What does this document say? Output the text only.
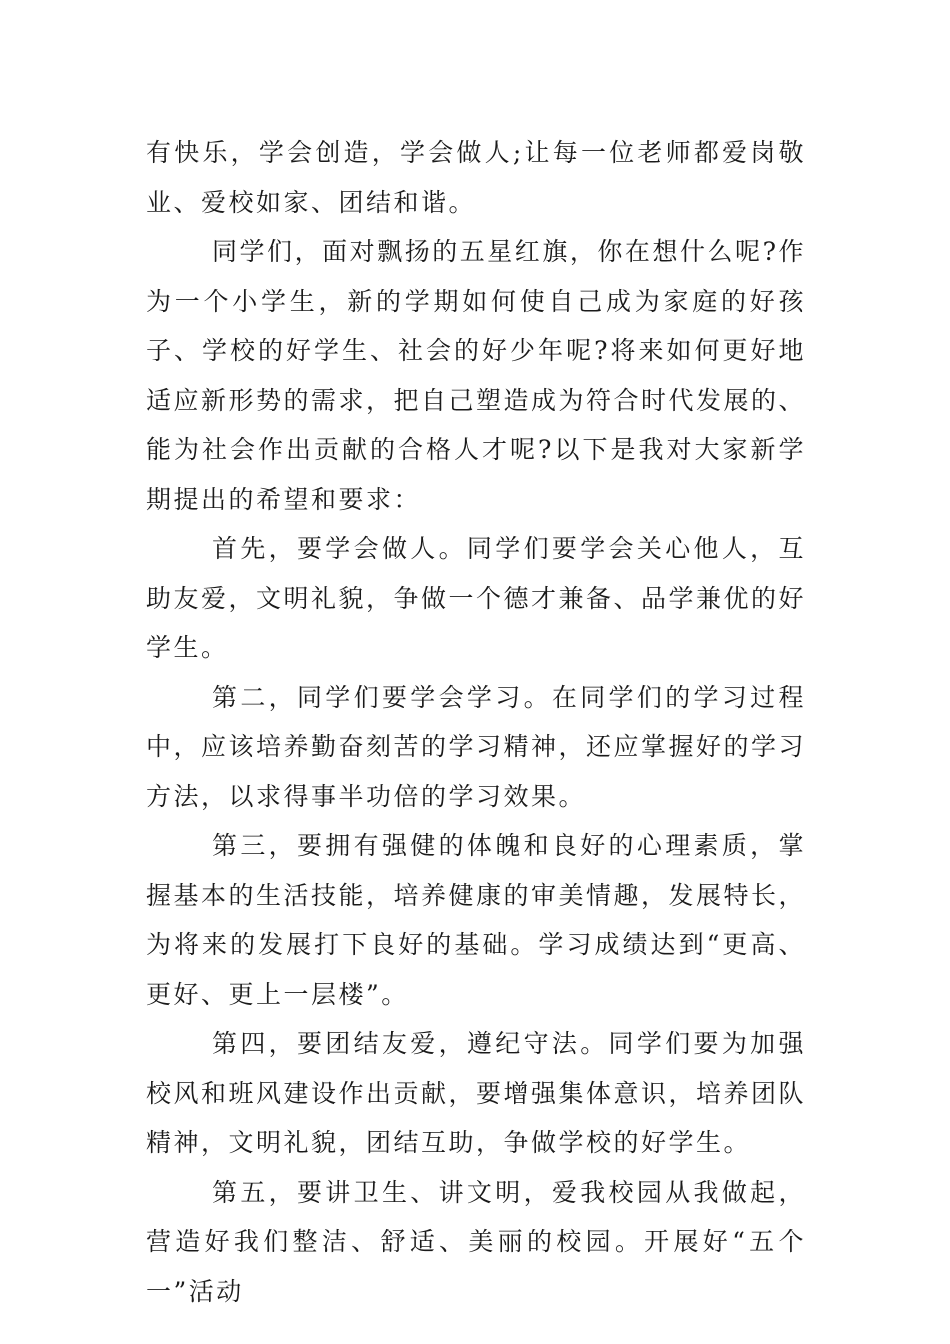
有快乐，学会创造，学会做人;让每一位老师都爱岗敬业、爱校如家、团结和谐。

同学们，面对飘扬的五星红旗，你在想什么呢?作为一个小学生，新的学期如何使自己成为家庭的好孩子、学校的好学生、社会的好少年呢?将来如何更好地适应新形势的需求，把自己塑造成为符合时代发展的、能为社会作出贡献的合格人才呢?以下是我对大家新学期提出的希望和要求：

首先，要学会做人。同学们要学会关心他人，互助友爱，文明礼貌，争做一个德才兼备、品学兼优的好学生。

第二，同学们要学会学习。在同学们的学习过程中，应该培养勤奋刻苦的学习精神，还应掌握好的学习方法，以求得事半功倍的学习效果。

第三，要拥有强健的体魄和良好的心理素质，掌握基本的生活技能，培养健康的审美情趣，发展特长，为将来的发展打下良好的基础。学习成绩达到“更高、更好、更上一层楼”。

第四，要团结友爱，遵纪守法。同学们要为加强校风和班风建设作出贡献，要增强集体意识，培养团队精神，文明礼貌，团结互助，争做学校的好学生。

第五，要讲卫生、讲文明，爱我校园从我做起，营造好我们整洁、舒适、美丽的校园。开展好“五个一”活动
